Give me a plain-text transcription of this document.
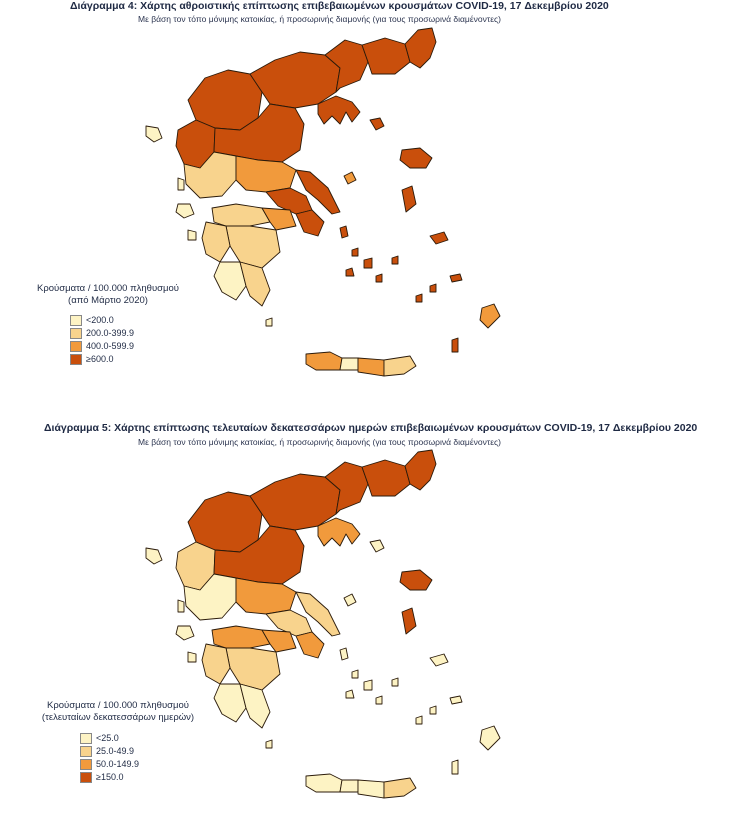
Διάγραμμα 4: Χάρτης αθροιστικής επίπτωσης επιβεβαιωμένων κρουσμάτων COVID-19, 17 Δεκεμβρίου 2020
Με βάση τον τόπο μόνιμης κατοικίας, ή προσωρινής διαμονής (για τους προσωρινά διαμένοντες)
Κρούσματα / 100.000 πληθυσμού
(από Μάρτιο 2020)
<200.0
200.0-399.9
400.0-599.9
≥600.0
Διάγραμμα 5: Χάρτης επίπτωσης τελευταίων δεκατεσσάρων ημερών επιβεβαιωμένων κρουσμάτων COVID-19, 17 Δεκεμβρίου 2020
Με βάση τον τόπο μόνιμης κατοικίας, ή προσωρινής διαμονής (για τους προσωρινά διαμένοντες)
Κρούσματα / 100.000 πληθυσμού
(τελευταίων δεκατεσσάρων ημερών)
<25.0
25.0-49.9
50.0-149.9
≥150.0
